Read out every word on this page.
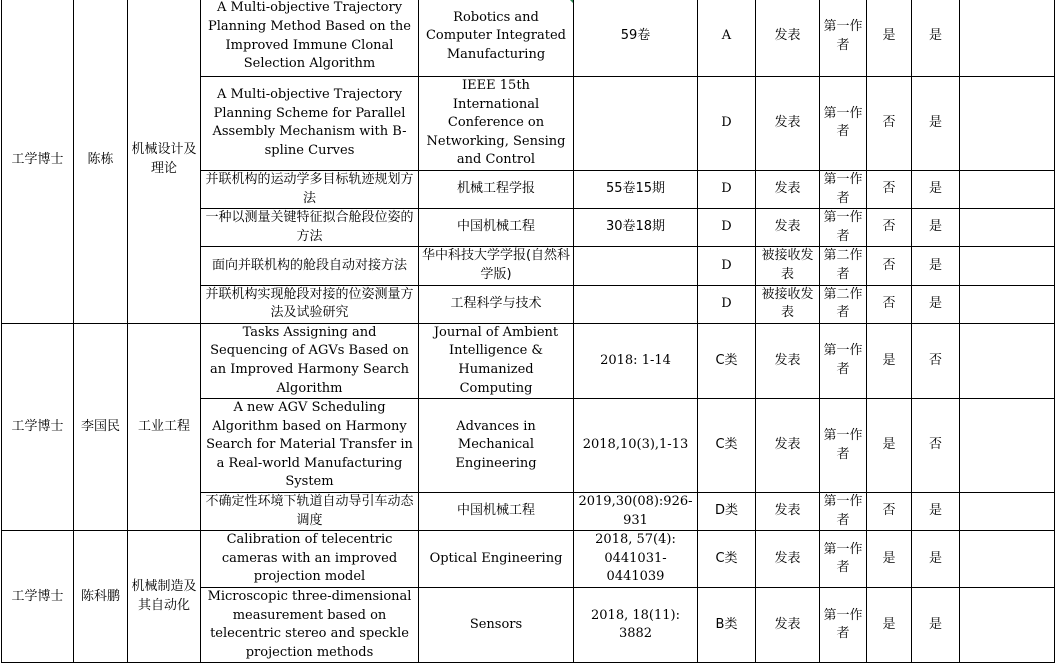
工学博士	陈栋	机械设计及理论	A Multi-objective Trajectory Planning Method Based on the Improved Immune Clonal Selection Algorithm	Robotics and Computer Integrated Manufacturing	59卷	A	发表	第一作者	是	是	
			A Multi-objective Trajectory Planning Scheme for Parallel Assembly Mechanism with B-spline Curves	IEEE 15th International Conference on Networking, Sensing and Control		D	发表	第一作者	否	是	
			并联机构的运动学多目标轨迹规划方法	机械工程学报	55卷15期	D	发表	第一作者	否	是	
			一种以测量关键特征拟合舱段位姿的方法	中国机械工程	30卷18期	D	发表	第一作者	否	是	
			面向并联机构的舱段自动对接方法	华中科技大学学报(自然科学版)		D	被接收发表	第二作者	否	是	
			并联机构实现舱段对接的位姿测量方法及试验研究	工程科学与技术		D	被接收发表	第二作者	否	是	
工学博士	李国民	工业工程	Tasks Assigning and Sequencing of AGVs Based on an Improved Harmony Search Algorithm	Journal of Ambient Intelligence & Humanized Computing	2018: 1-14	C类	发表	第一作者	是	否	
			A new AGV Scheduling Algorithm based on Harmony Search for Material Transfer in a Real-world Manufacturing System	Advances in Mechanical Engineering	2018,10(3),1-13	C类	发表	第一作者	是	否	
			不确定性环境下轨道自动导引车动态调度	中国机械工程	2019,30(08):926-931	D类	发表	第一作者	否	是	
工学博士	陈科鹏	机械制造及其自动化	Calibration of telecentric cameras with an improved projection model	Optical Engineering	2018, 57(4): 0441031-0441039	C类	发表	第一作者	是	是	
			Microscopic three-dimensional measurement based on telecentric stereo and speckle projection methods	Sensors	2018, 18(11): 3882	B类	发表	第一作者	是	是	
